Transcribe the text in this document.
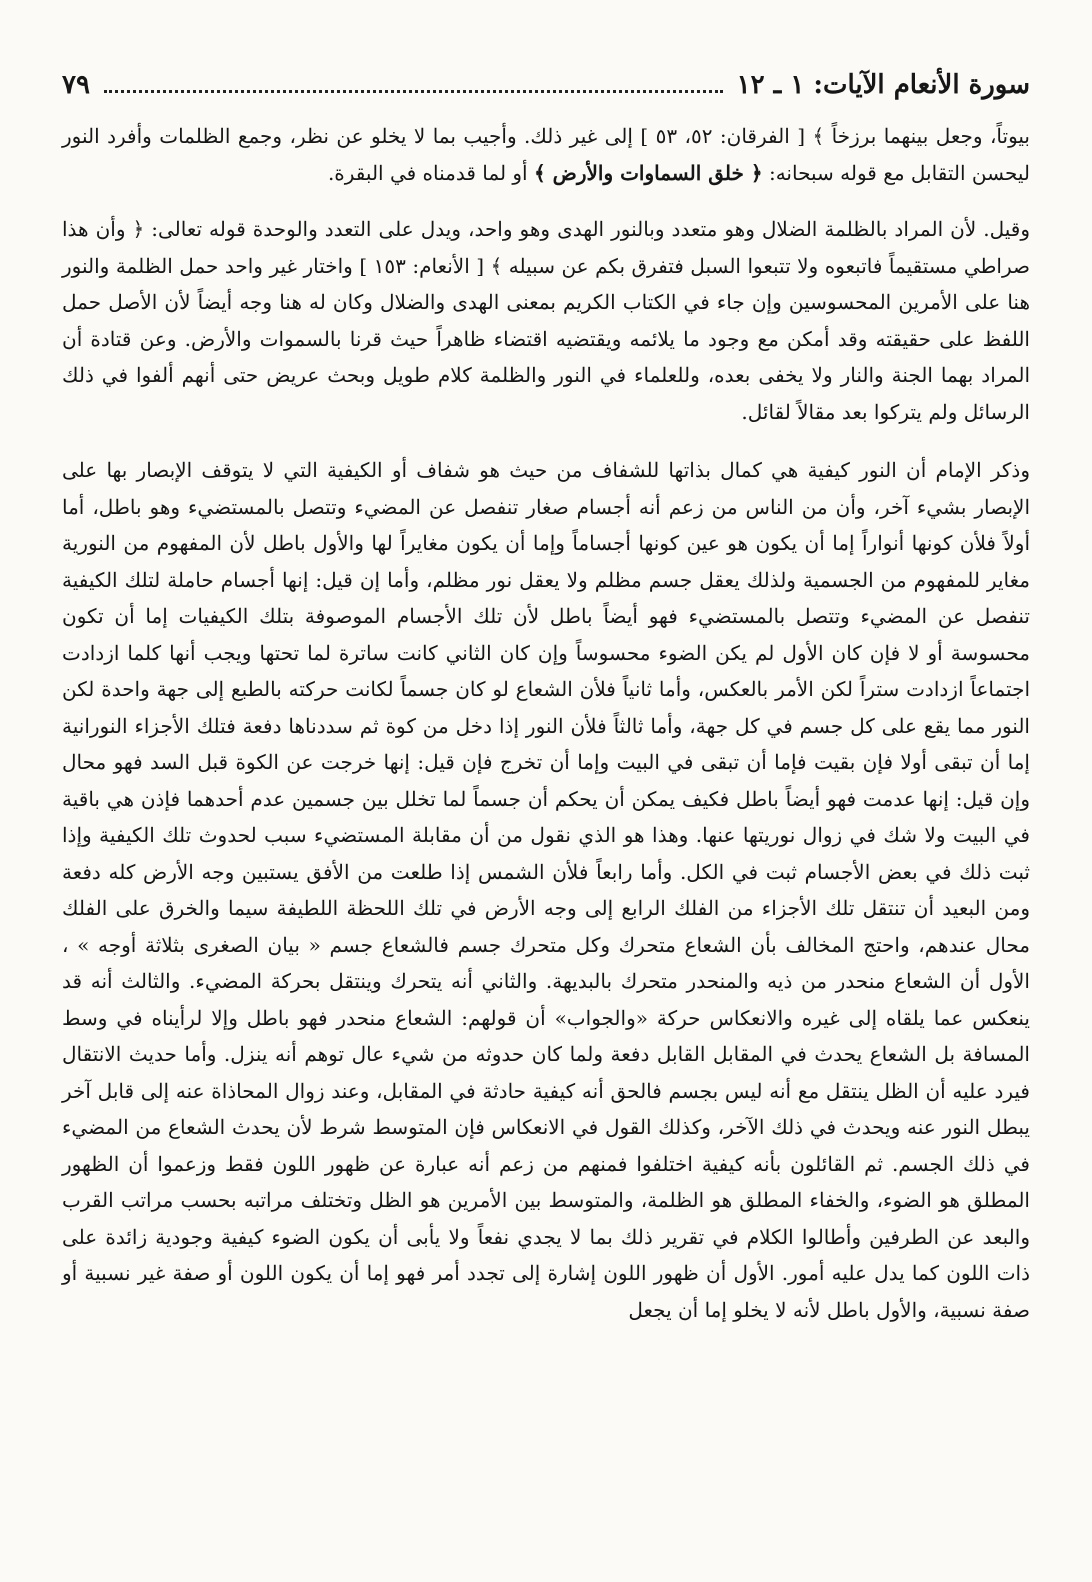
سورة الأنعام الآيات: ١ ـ ١٢
٧٩

بيوتاً، وجعل بينهما برزخاً ﴾ [ الفرقان: ٥٢، ٥٣ ] إلى غير ذلك. وأجيب بما لا يخلو عن نظر، وجمع الظلمات وأفرد النور ليحسن التقابل مع قوله سبحانه: ﴿ خلق السماوات والأرض ﴾ أو لما قدمناه في البقرة.

وقيل. لأن المراد بالظلمة الضلال وهو متعدد وبالنور الهدى وهو واحد، ويدل على التعدد والوحدة قوله تعالى: ﴿ وأن هذا صراطي مستقيماً فاتبعوه ولا تتبعوا السبل فتفرق بكم عن سبيله ﴾ [ الأنعام: ١٥٣ ] واختار غير واحد حمل الظلمة والنور هنا على الأمرين المحسوسين وإن جاء في الكتاب الكريم بمعنى الهدى والضلال وكان له هنا وجه أيضاً لأن الأصل حمل اللفظ على حقيقته وقد أمكن مع وجود ما يلائمه ويقتضيه اقتضاء ظاهراً حيث قرنا بالسموات والأرض. وعن قتادة أن المراد بهما الجنة والنار ولا يخفى بعده، وللعلماء في النور والظلمة كلام طويل وبحث عريض حتى أنهم ألفوا في ذلك الرسائل ولم يتركوا بعد مقالاً لقائل.

وذكر الإمام أن النور كيفية هي كمال بذاتها للشفاف من حيث هو شفاف أو الكيفية التي لا يتوقف الإبصار بها على الإبصار بشيء آخر، وأن من الناس من زعم أنه أجسام صغار تنفصل عن المضيء وتتصل بالمستضيء وهو باطل، أما أولاً فلأن كونها أنواراً إما أن يكون هو عين كونها أجساماً وإما أن يكون مغايراً لها والأول باطل لأن المفهوم من النورية مغاير للمفهوم من الجسمية ولذلك يعقل جسم مظلم ولا يعقل نور مظلم، وأما إن قيل: إنها أجسام حاملة لتلك الكيفية تنفصل عن المضيء وتتصل بالمستضيء فهو أيضاً باطل لأن تلك الأجسام الموصوفة بتلك الكيفيات إما أن تكون محسوسة أو لا فإن كان الأول لم يكن الضوء محسوساً وإن كان الثاني كانت ساترة لما تحتها ويجب أنها كلما ازدادت اجتماعاً ازدادت ستراً لكن الأمر بالعكس، وأما ثانياً فلأن الشعاع لو كان جسماً لكانت حركته بالطبع إلى جهة واحدة لكن النور مما يقع على كل جسم في كل جهة، وأما ثالثاً فلأن النور إذا دخل من كوة ثم سددناها دفعة فتلك الأجزاء النورانية إما أن تبقى أولا فإن بقيت فإما أن تبقى في البيت وإما أن تخرج فإن قيل: إنها خرجت عن الكوة قبل السد فهو محال وإن قيل: إنها عدمت فهو أيضاً باطل فكيف يمكن أن يحكم أن جسماً لما تخلل بين جسمين عدم أحدهما فإذن هي باقية في البيت ولا شك في زوال نوريتها عنها. وهذا هو الذي نقول من أن مقابلة المستضيء سبب لحدوث تلك الكيفية وإذا ثبت ذلك في بعض الأجسام ثبت في الكل. وأما رابعاً فلأن الشمس إذا طلعت من الأفق يستبين وجه الأرض كله دفعة ومن البعيد أن تنتقل تلك الأجزاء من الفلك الرابع إلى وجه الأرض في تلك اللحظة اللطيفة سيما والخرق على الفلك محال عندهم، واحتج المخالف بأن الشعاع متحرك وكل متحرك جسم فالشعاع جسم « بيان الصغرى بثلاثة أوجه » ، الأول أن الشعاع منحدر من ذيه والمنحدر متحرك بالبديهة. والثاني أنه يتحرك وينتقل بحركة المضيء. والثالث أنه قد ينعكس عما يلقاه إلى غيره والانعكاس حركة «والجواب» أن قولهم: الشعاع منحدر فهو باطل وإلا لرأيناه في وسط المسافة بل الشعاع يحدث في المقابل القابل دفعة ولما كان حدوثه من شيء عال توهم أنه ينزل. وأما حديث الانتقال فيرد عليه أن الظل ينتقل مع أنه ليس بجسم فالحق أنه كيفية حادثة في المقابل، وعند زوال المحاذاة عنه إلى قابل آخر يبطل النور عنه ويحدث في ذلك الآخر، وكذلك القول في الانعكاس فإن المتوسط شرط لأن يحدث الشعاع من المضيء في ذلك الجسم. ثم القائلون بأنه كيفية اختلفوا فمنهم من زعم أنه عبارة عن ظهور اللون فقط وزعموا أن الظهور المطلق هو الضوء، والخفاء المطلق هو الظلمة، والمتوسط بين الأمرين هو الظل وتختلف مراتبه بحسب مراتب القرب والبعد عن الطرفين وأطالوا الكلام في تقرير ذلك بما لا يجدي نفعاً ولا يأبى أن يكون الضوء كيفية وجودية زائدة على ذات اللون كما يدل عليه أمور. الأول أن ظهور اللون إشارة إلى تجدد أمر فهو إما أن يكون اللون أو صفة غير نسبية أو صفة نسبية، والأول باطل لأنه لا يخلو إما أن يجعل
